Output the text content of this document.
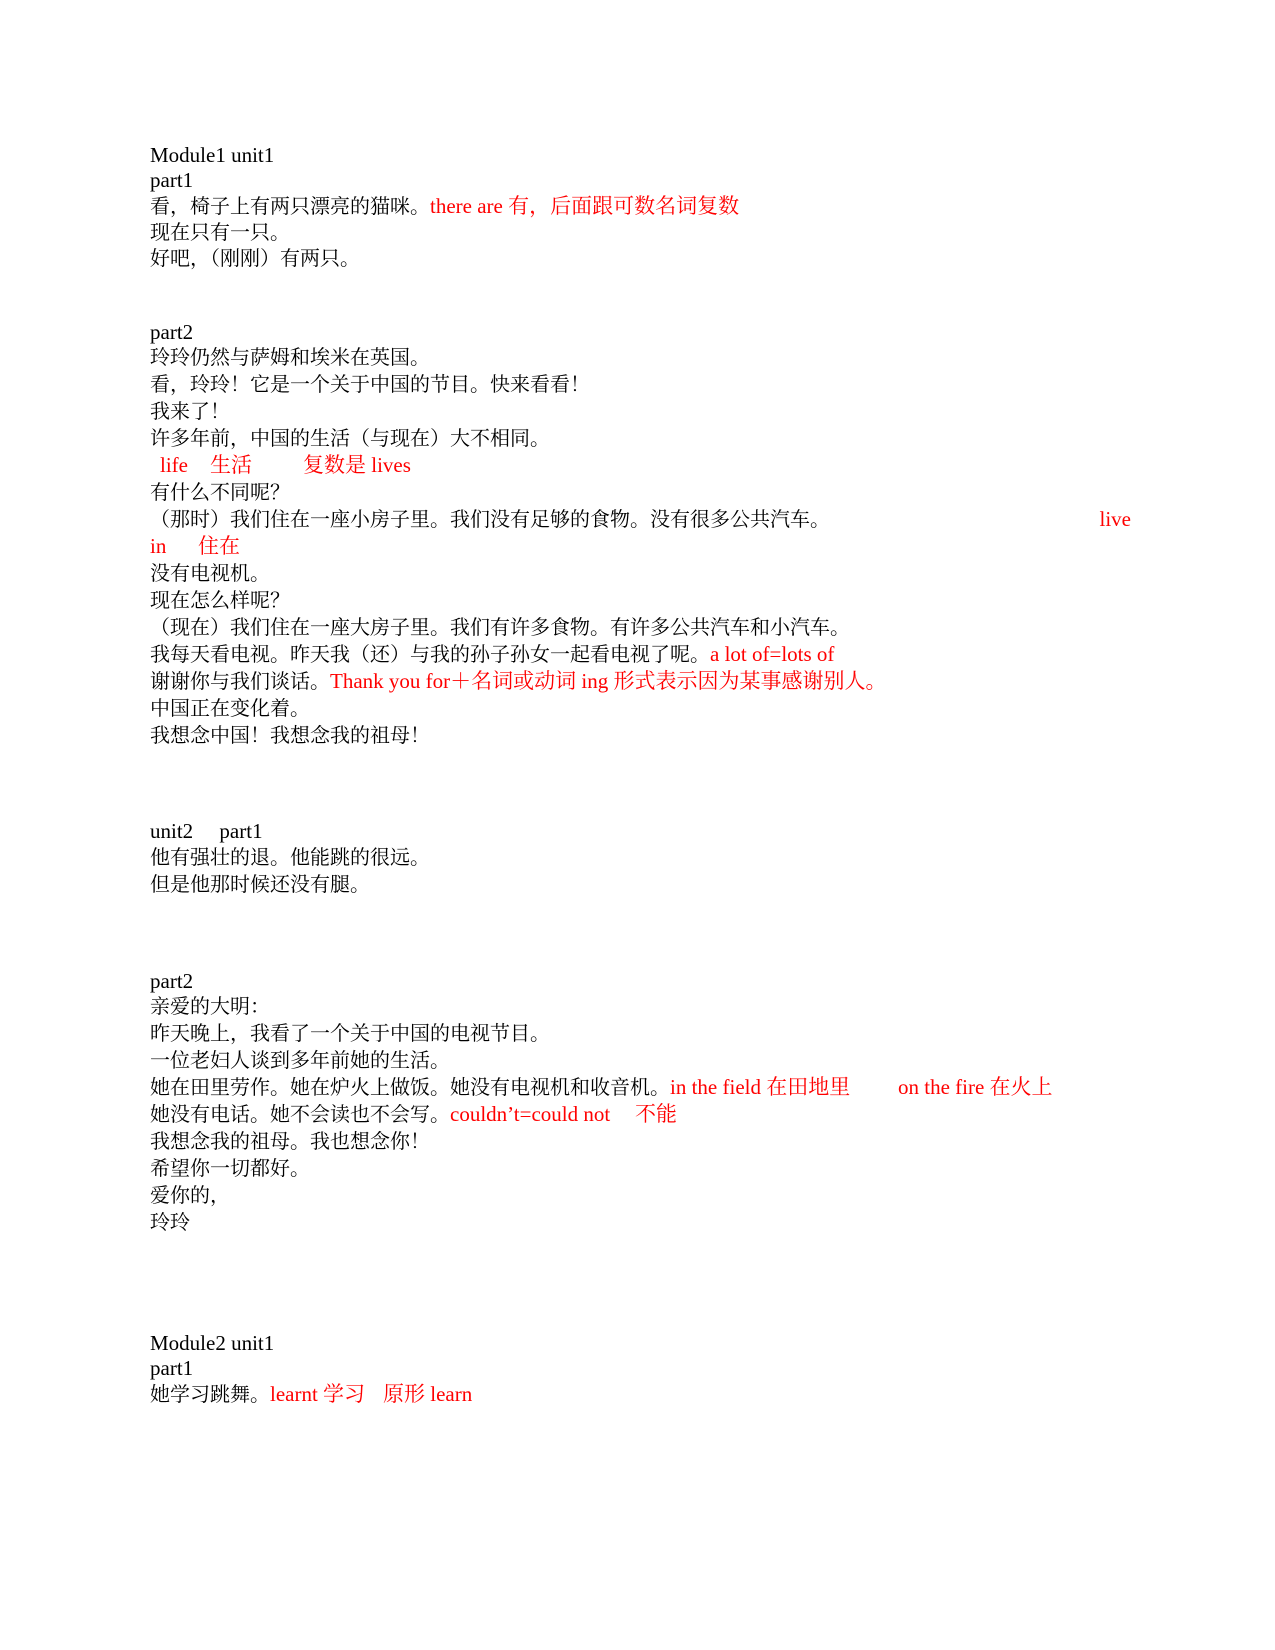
Module1 unit1
part1
看，椅子上有两只漂亮的猫咪。there are 有，后面跟可数名词复数
现在只有一只。
好吧，（刚刚）有两只。
part2
玲玲仍然与萨姆和埃米在英国。
看，玲玲！它是一个关于中国的节目。快来看看！
我来了！
许多年前，中国的生活（与现在）大不相同。
life 生活 复数是 lives
有什么不同呢？
（那时）我们住在一座小房子里。我们没有足够的食物。没有很多公共汽车。	live
in 住在
没有电视机。
现在怎么样呢？
（现在）我们住在一座大房子里。我们有许多食物。有许多公共汽车和小汽车。
我每天看电视。昨天我（还）与我的孙子孙女一起看电视了呢。a lot of=lots of
谢谢你与我们谈话。Thank you for＋名词或动词 ing 形式表示因为某事感谢别人。
中国正在变化着。
我想念中国！我想念我的祖母！
unit2　 part1
他有强壮的退。他能跳的很远。
但是他那时候还没有腿。
part2
亲爱的大明：
昨天晚上，我看了一个关于中国的电视节目。
一位老妇人谈到多年前她的生活。
她在田里劳作。她在炉火上做饭。她没有电视机和收音机。in the field 在田地里 on the fire 在火上
她没有电话。她不会读也不会写。couldn’t=could not 不能
我想念我的祖母。我也想念你！
希望你一切都好。
爱你的，
玲玲
Module2 unit1
part1
她学习跳舞。learnt 学习 原形 learn
